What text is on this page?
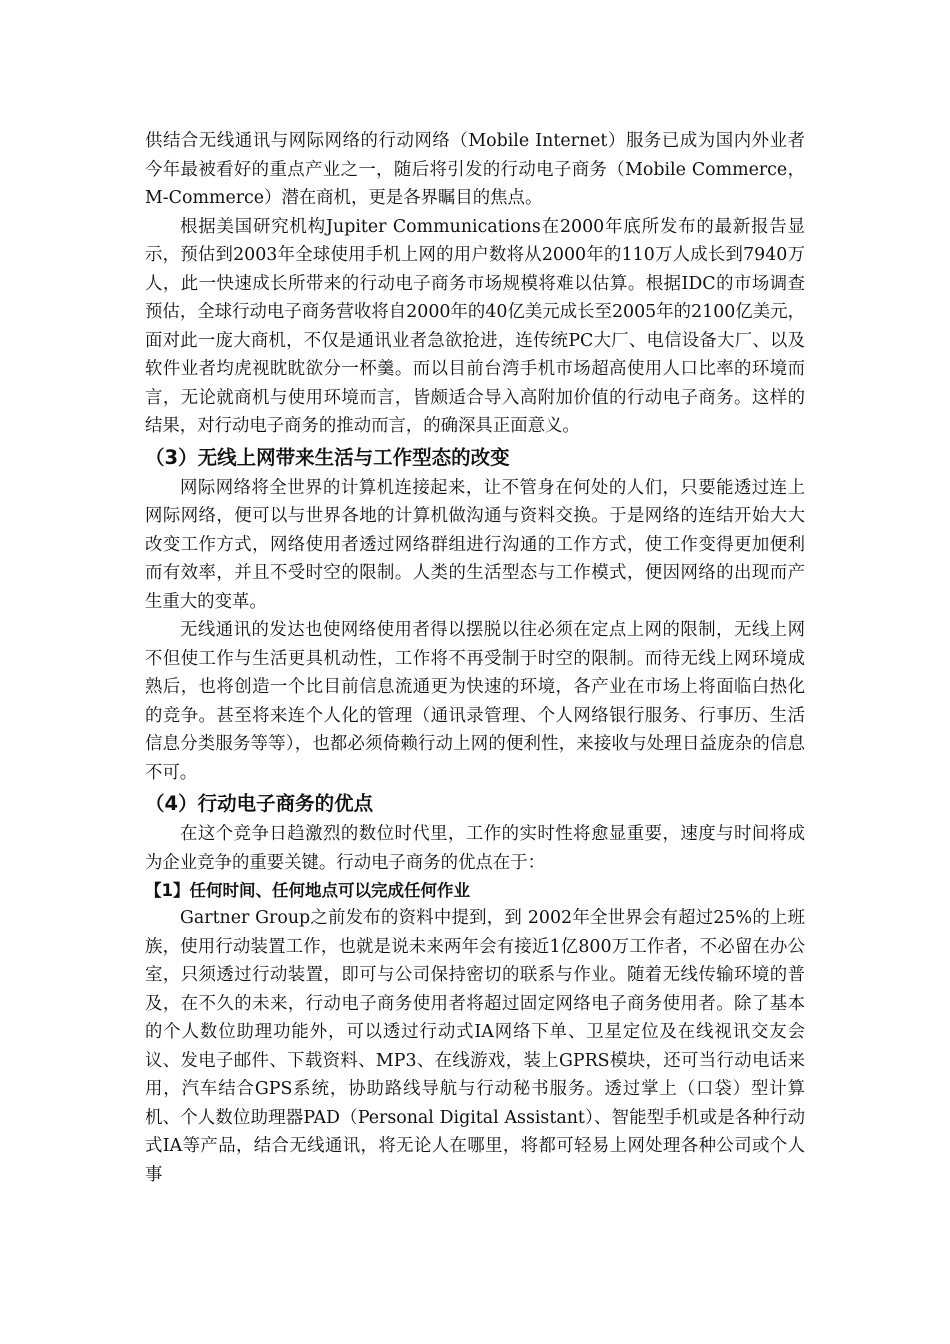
供结合无线通讯与网际网络的行动网络（Mobile Internet）服务已成为国内外业者今年最被看好的重点产业之一，随后将引发的行动电子商务（Mobile Commerce，M-Commerce）潜在商机，更是各界瞩目的焦点。

根据美国研究机构Jupiter Communications在2000年底所发布的最新报告显示，预估到2003年全球使用手机上网的用户数将从2000年的110万人成长到7940万人，此一快速成长所带来的行动电子商务市场规模将难以估算。根据IDC的市场调查预估，全球行动电子商务营收将自2000年的40亿美元成长至2005年的2100亿美元，面对此一庞大商机，不仅是通讯业者急欲抢进，连传统PC大厂、电信设备大厂、以及软件业者均虎视眈眈欲分一杯羹。而以目前台湾手机市场超高使用人口比率的环境而言，无论就商机与使用环境而言，皆颇适合导入高附加价值的行动电子商务。这样的结果，对行动电子商务的推动而言，的确深具正面意义。

（3）无线上网带来生活与工作型态的改变

网际网络将全世界的计算机连接起来，让不管身在何处的人们，只要能透过连上网际网络，便可以与世界各地的计算机做沟通与资料交换。于是网络的连结开始大大改变工作方式，网络使用者透过网络群组进行沟通的工作方式，使工作变得更加便利而有效率，并且不受时空的限制。人类的生活型态与工作模式，便因网络的出现而产生重大的变革。

无线通讯的发达也使网络使用者得以摆脱以往必须在定点上网的限制，无线上网不但使工作与生活更具机动性，工作将不再受制于时空的限制。而待无线上网环境成熟后，也将创造一个比目前信息流通更为快速的环境，各产业在市场上将面临白热化的竞争。甚至将来连个人化的管理（通讯录管理、个人网络银行服务、行事历、生活信息分类服务等等），也都必须倚赖行动上网的便利性，来接收与处理日益庞杂的信息不可。

（4）行动电子商务的优点

在这个竞争日趋激烈的数位时代里，工作的实时性将愈显重要，速度与时间将成为企业竞争的重要关键。行动电子商务的优点在于：

【1】任何时间、任何地点可以完成任何作业

Gartner Group之前发布的资料中提到，到 2002年全世界会有超过25%的上班族，使用行动装置工作，也就是说未来两年会有接近1亿800万工作者，不必留在办公室，只须透过行动装置，即可与公司保持密切的联系与作业。随着无线传输环境的普及，在不久的未来，行动电子商务使用者将超过固定网络电子商务使用者。除了基本的个人数位助理功能外，可以透过行动式IA网络下单、卫星定位及在线视讯交友会议、发电子邮件、下载资料、MP3、在线游戏，装上GPRS模块，还可当行动电话来用，汽车结合GPS系统，协助路线导航与行动秘书服务。透过掌上（口袋）型计算机、个人数位助理器PAD（Personal Digital Assistant）、智能型手机或是各种行动式IA等产品，结合无线通讯，将无论人在哪里，将都可轻易上网处理各种公司或个人事
